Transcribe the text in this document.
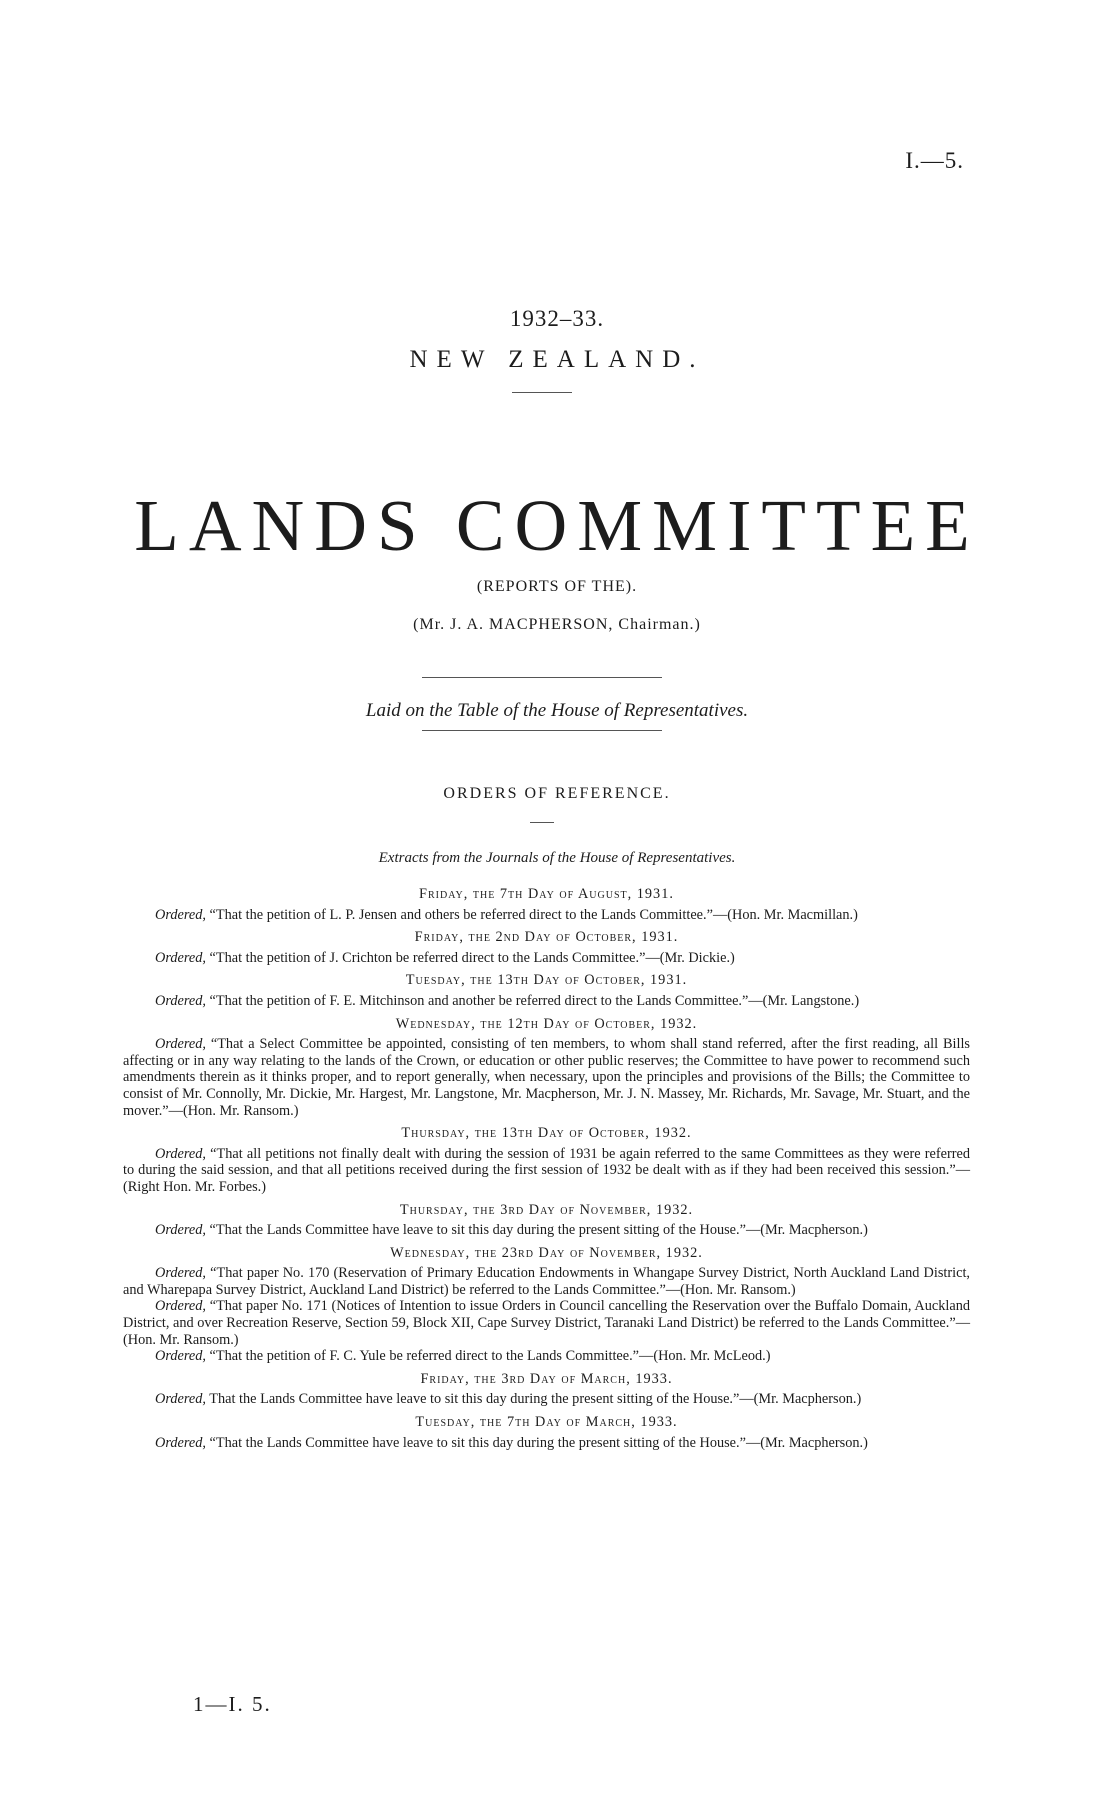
I.—5.
1932–33.
NEW ZEALAND.
LANDS COMMITTEE
(REPORTS OF THE).
(Mr. J. A. MACPHERSON, Chairman.)
Laid on the Table of the House of Representatives.
ORDERS OF REFERENCE.
Extracts from the Journals of the House of Representatives.
Friday, the 7th Day of August, 1931.

Ordered, “That the petition of L. P. Jensen and others be referred direct to the Lands Committee.”—(Hon. Mr. Macmillan.)

Friday, the 2nd Day of October, 1931.

Ordered, “That the petition of J. Crichton be referred direct to the Lands Committee.”—(Mr. Dickie.)

Tuesday, the 13th Day of October, 1931.

Ordered, “That the petition of F. E. Mitchinson and another be referred direct to the Lands Committee.”—(Mr. Langstone.)

Wednesday, the 12th Day of October, 1932.

Ordered, “That a Select Committee be appointed, consisting of ten members, to whom shall stand referred, after the first reading, all Bills affecting or in any way relating to the lands of the Crown, or education or other public reserves; the Committee to have power to recommend such amendments therein as it thinks proper, and to report generally, when necessary, upon the principles and provisions of the Bills; the Committee to consist of Mr. Connolly, Mr. Dickie, Mr. Hargest, Mr. Langstone, Mr. Macpherson, Mr. J. N. Massey, Mr. Richards, Mr. Savage, Mr. Stuart, and the mover.”—(Hon. Mr. Ransom.)

Thursday, the 13th Day of October, 1932.

Ordered, “That all petitions not finally dealt with during the session of 1931 be again referred to the same Committees as they were referred to during the said session, and that all petitions received during the first session of 1932 be dealt with as if they had been received this session.”—(Right Hon. Mr. Forbes.)

Thursday, the 3rd Day of November, 1932.

Ordered, “That the Lands Committee have leave to sit this day during the present sitting of the House.”—(Mr. Macpherson.)

Wednesday, the 23rd Day of November, 1932.

Ordered, “That paper No. 170 (Reservation of Primary Education Endowments in Whangape Survey District, North Auckland Land District, and Wharepapa Survey District, Auckland Land District) be referred to the Lands Committee.”—(Hon. Mr. Ransom.)

Ordered, “That paper No. 171 (Notices of Intention to issue Orders in Council cancelling the Reservation over the Buffalo Domain, Auckland District, and over Recreation Reserve, Section 59, Block XII, Cape Survey District, Taranaki Land District) be referred to the Lands Committee.”—(Hon. Mr. Ransom.)

Ordered, “That the petition of F. C. Yule be referred direct to the Lands Committee.”—(Hon. Mr. McLeod.)

Friday, the 3rd Day of March, 1933.

Ordered, That the Lands Committee have leave to sit this day during the present sitting of the House.”—(Mr. Macpherson.)

Tuesday, the 7th Day of March, 1933.

Ordered, “That the Lands Committee have leave to sit this day during the present sitting of the House.”—(Mr. Macpherson.)

1—I. 5.
